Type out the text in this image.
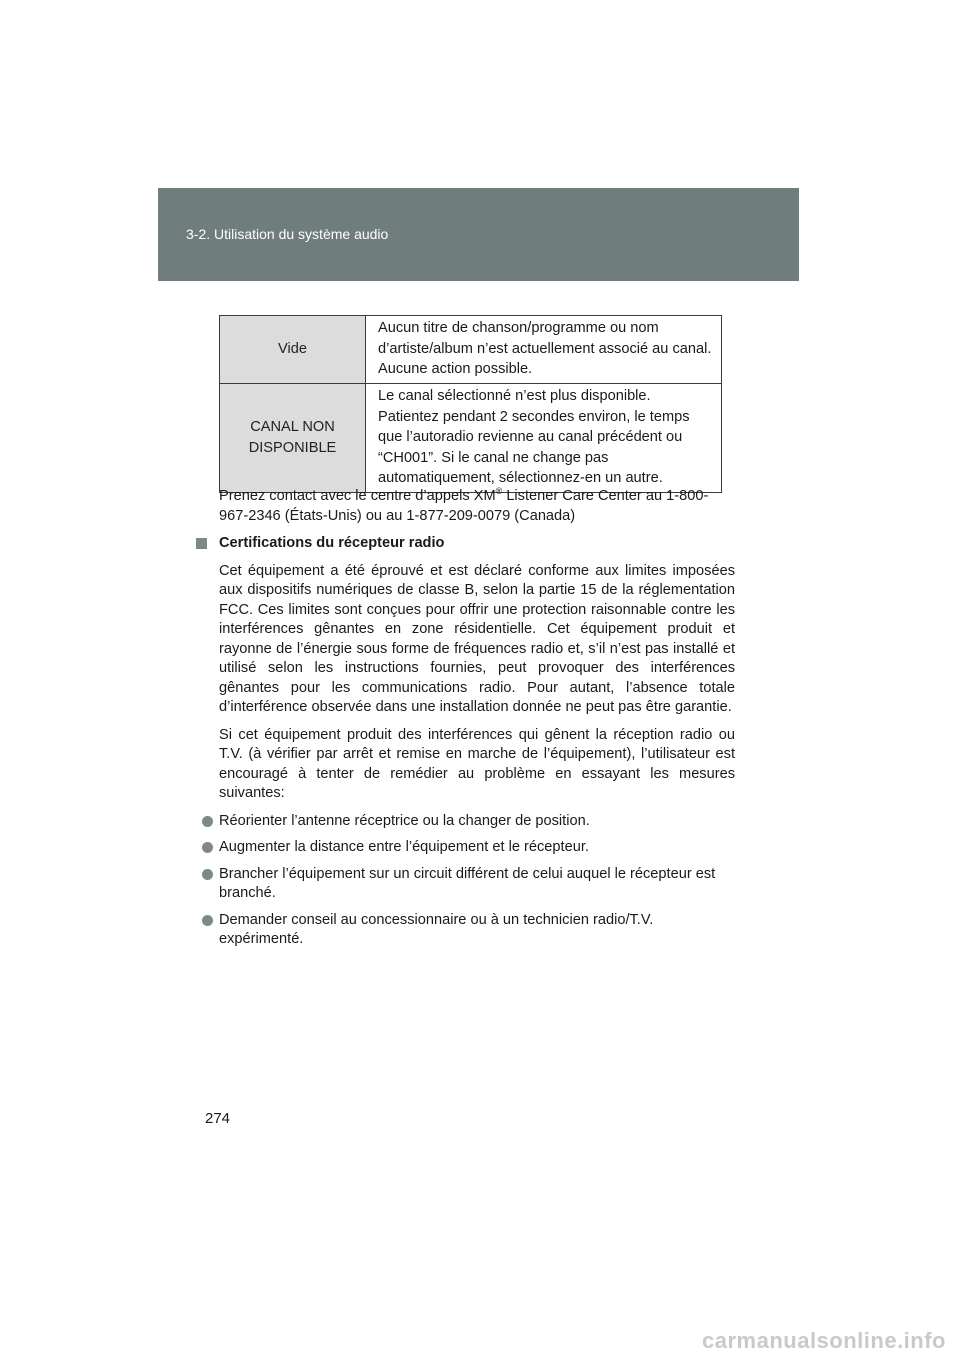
3-2. Utilisation du système audio
Vide	Aucun titre de chanson/programme ou nom d’artiste/album n’est actuellement associé au canal. Aucune action possible.
CANAL NON DISPONIBLE	Le canal sélectionné n’est plus disponible. Patientez pendant 2 secondes environ, le temps que l’autoradio revienne au canal précédent ou “CH001”. Si le canal ne change pas automatiquement, sélectionnez-en un autre.

Prenez contact avec le centre d’appels XM® Listener Care Center au 1-800-967-2346 (États-Unis) ou au 1-877-209-0079 (Canada)

Certifications du récepteur radio

Cet équipement a été éprouvé et est déclaré conforme aux limites imposées aux dispositifs numériques de classe B, selon la partie 15 de la réglementation FCC. Ces limites sont conçues pour offrir une protection raisonnable contre les interférences gênantes en zone résidentielle. Cet équipement produit et rayonne de l’énergie sous forme de fréquences radio et, s’il n’est pas installé et utilisé selon les instructions fournies, peut provoquer des interférences gênantes pour les communications radio. Pour autant, l’absence totale d’interférence observée dans une installation donnée ne peut pas être garantie.

Si cet équipement produit des interférences qui gênent la réception radio ou T.V. (à vérifier par arrêt et remise en marche de l’équipement), l’utilisateur est encouragé à tenter de remédier au problème en essayant les mesures suivantes:

Réorienter l’antenne réceptrice ou la changer de position.
Augmenter la distance entre l’équipement et le récepteur.
Brancher l’équipement sur un circuit différent de celui auquel le récepteur est branché.
Demander conseil au concessionnaire ou à un technicien radio/T.V. expérimenté.
274
carmanualsonline.info
